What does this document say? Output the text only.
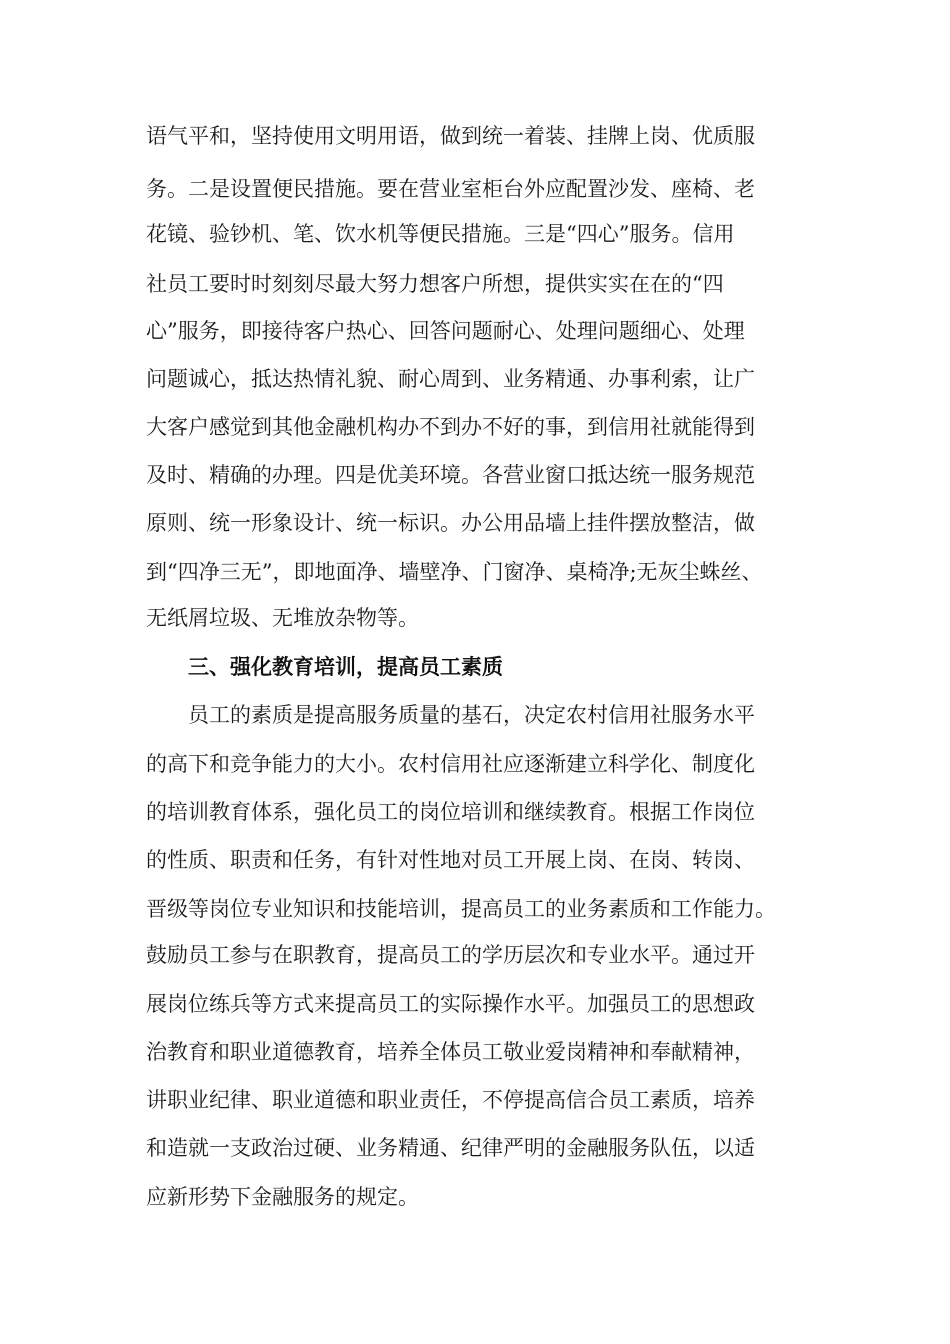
语气平和，坚持使用文明用语，做到统一着装、挂牌上岗、优质服
务。二是设置便民措施。要在营业室柜台外应配置沙发、座椅、老
花镜、验钞机、笔、饮水机等便民措施。三是“四心”服务。信用
社员工要时时刻刻尽最大努力想客户所想，提供实实在在的“四
心”服务，即接待客户热心、回答问题耐心、处理问题细心、处理
问题诚心，抵达热情礼貌、耐心周到、业务精通、办事利索，让广
大客户感觉到其他金融机构办不到办不好的事，到信用社就能得到
及时、精确的办理。四是优美环境。各营业窗口抵达统一服务规范
原则、统一形象设计、统一标识。办公用品墙上挂件摆放整洁，做
到“四净三无”，即地面净、墙壁净、门窗净、桌椅净;无灰尘蛛丝、
无纸屑垃圾、无堆放杂物等。
三、强化教育培训，提高员工素质
员工的素质是提高服务质量的基石，决定农村信用社服务水平
的高下和竞争能力的大小。农村信用社应逐渐建立科学化、制度化
的培训教育体系，强化员工的岗位培训和继续教育。根据工作岗位
的性质、职责和任务，有针对性地对员工开展上岗、在岗、转岗、
晋级等岗位专业知识和技能培训，提高员工的业务素质和工作能力。
鼓励员工参与在职教育，提高员工的学历层次和专业水平。通过开
展岗位练兵等方式来提高员工的实际操作水平。加强员工的思想政
治教育和职业道德教育，培养全体员工敬业爱岗精神和奉献精神，
讲职业纪律、职业道德和职业责任，不停提高信合员工素质，培养
和造就一支政治过硬、业务精通、纪律严明的金融服务队伍，以适
应新形势下金融服务的规定。
